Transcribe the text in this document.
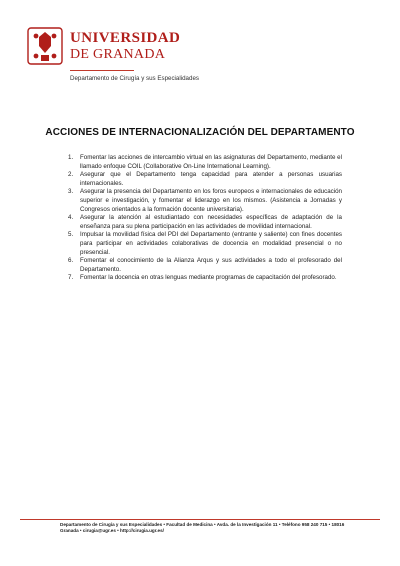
UNIVERSIDAD
DE GRANADA
Departamento de Cirugía y sus Especialidades
ACCIONES DE INTERNACIONALIZACIÓN DEL DEPARTAMENTO
1. Fomentar las acciones de intercambio virtual en las asignaturas del Departamento, mediante el llamado enfoque COIL (Collaborative On-Line International Learning).
2. Asegurar que el Departamento tenga capacidad para atender a personas usuarias internacionales.
3. Asegurar la presencia del Departamento en los foros europeos e internacionales de educación superior e investigación, y fomentar el liderazgo en los mismos. (Asistencia a Jornadas y Congresos orientados a la formación docente universitaria).
4. Asegurar la atención al estudiantado con necesidades específicas de adaptación de la enseñanza para su plena participación en las actividades de movilidad internacional.
5. Impulsar la movilidad física del PDI del Departamento (entrante y saliente) con fines docentes para participar en actividades colaborativas de docencia en modalidad presencial o no presencial.
6. Fomentar el conocimiento de la Alianza Arqus y sus actividades a todo el profesorado del Departamento.
7. Fomentar la docencia en otras lenguas mediante programas de capacitación del profesorado.
Departamento de Cirugía y sus Especialidades • Facultad de Medicina • Avda. de la Investigación 11 • Teléfono 958 240 715 • 18016 Granada • cirugia@ugr.es • http://cirugia.ugr.es/
